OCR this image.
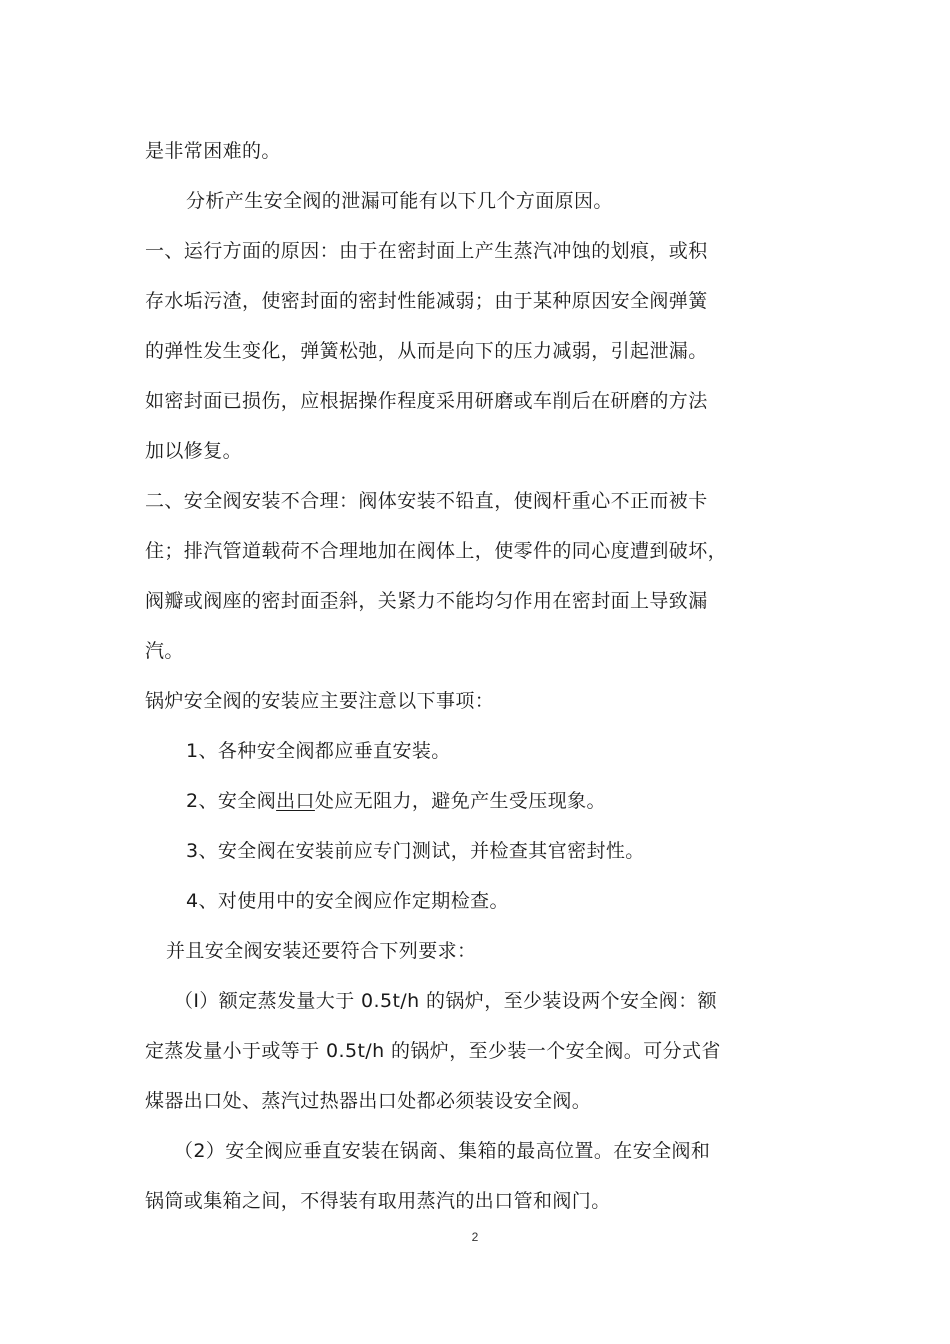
是非常困难的。
分析产生安全阀的泄漏可能有以下几个方面原因。
一、运行方面的原因：由于在密封面上产生蒸汽冲蚀的划痕，或积
存水垢污渣，使密封面的密封性能减弱；由于某种原因安全阀弹簧
的弹性发生变化，弹簧松弛，从而是向下的压力减弱，引起泄漏。
如密封面已损伤，应根据操作程度采用研磨或车削后在研磨的方法
加以修复。
二、安全阀安装不合理：阀体安装不铅直，使阀杆重心不正而被卡
住；排汽管道载荷不合理地加在阀体上，使零件的同心度遭到破坏，
阀瓣或阀座的密封面歪斜，关紧力不能均匀作用在密封面上导致漏
汽。
锅炉安全阀的安装应主要注意以下事项：
1、各种安全阀都应垂直安装。
2、安全阀出口处应无阻力，避免产生受压现象。
3、安全阀在安装前应专门测试，并检查其官密封性。
4、对使用中的安全阀应作定期检查。
并且安全阀安装还要符合下列要求：
（I）额定蒸发量大于 0.5t/h 的锅炉，至少装设两个安全阀：额
定蒸发量小于或等于 0.5t/h 的锅炉，至少装一个安全阀。可分式省
煤器出口处、蒸汽过热器出口处都必须装设安全阀。
（2）安全阀应垂直安装在锅啇、集箱的最高位置。在安全阀和
锅筒或集箱之间，不得装有取用蒸汽的出口管和阀门。
2
